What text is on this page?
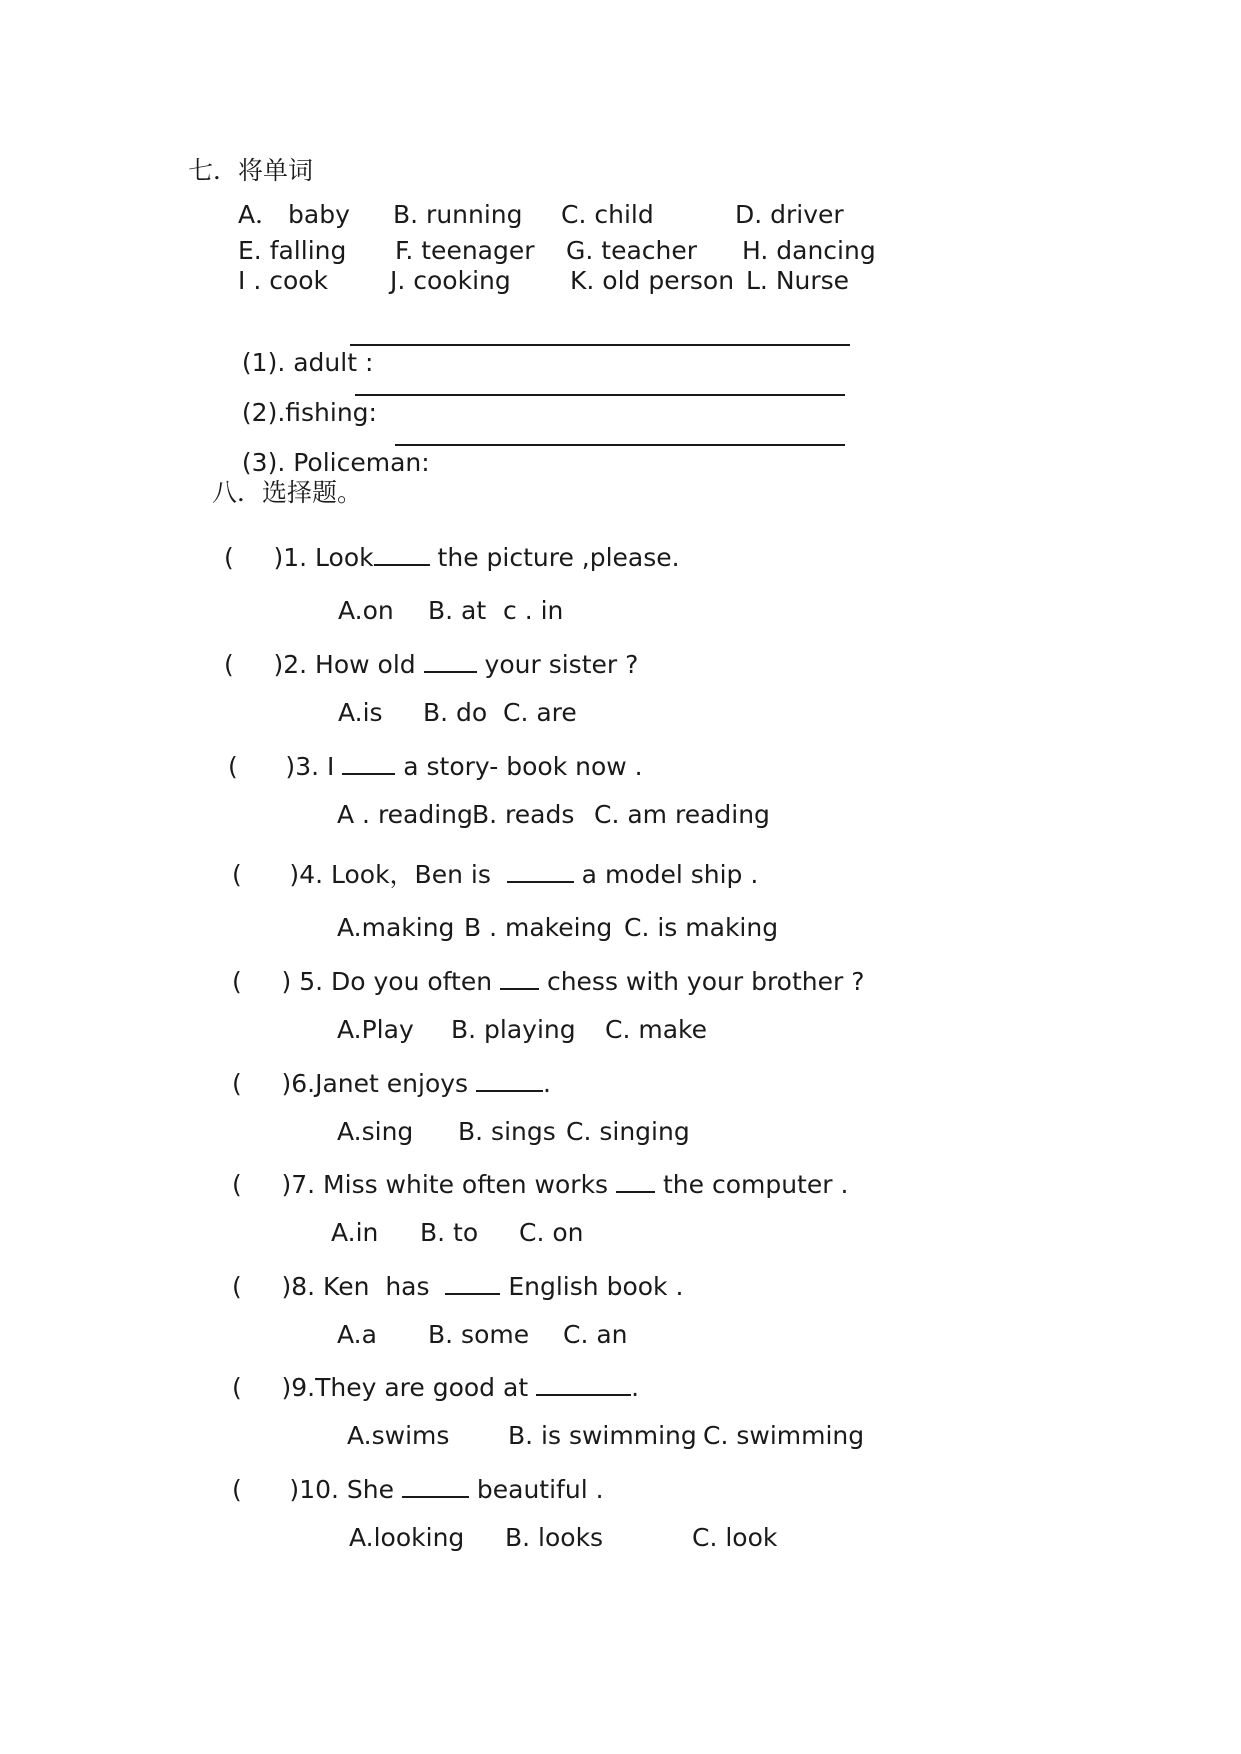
七．将单词
A． baby B. running C. child	D. driver
E. falling F. teenager G. teacher H. dancing
I . cook J. cooking K. old person L. Nurse

(1). adult :

(2).fishing:

(3). Policeman:

八．选择题。
(     )1. Look the picture ,please.
A.on B. at c . in
(     )2. How old  your sister ?
A.is B. do C. are
(      )3. I  a story- book now .
A . reading B. reads C. am reading
(      )4. Look，Ben is	a model ship .
A.making B . makeing C. is making
(     ) 5. Do you often  chess with your brother ?
A.Play B. playing C. make
(     )6.Janet enjoys	.
A.sing B. sings C. singing
(     )7. Miss white often works  the computer .
A.in B. to C. on
(     )8. Ken  has   English book .
A.a B. some C. an
(     )9.They are good at	.
A.swims B. is swimming C. swimming
(      )10. She	beautiful .
A.looking B. looks	C. look
